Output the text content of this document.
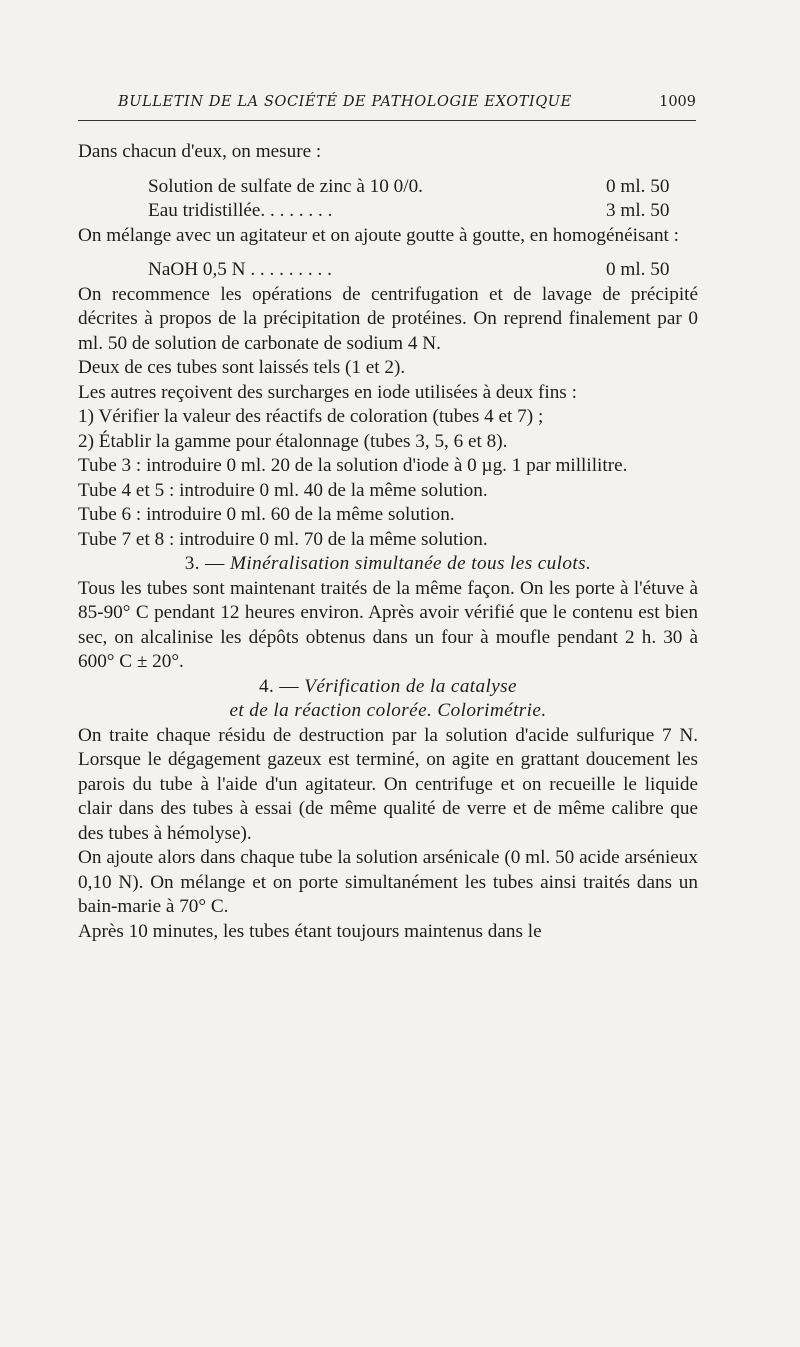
BULLETIN DE LA SOCIÉTÉ DE PATHOLOGIE EXOTIQUE	1009

Dans chacun d'eux, on mesure :

Solution de sulfate de zinc à 10 0/0.	0 ml. 50
Eau tridistillée. . . . . . . .	3 ml. 50

On mélange avec un agitateur et on ajoute goutte à goutte, en homogénéisant :

NaOH 0,5 N . . . . . . . . .	0 ml. 50

On recommence les opérations de centrifugation et de lavage de précipité décrites à propos de la précipitation de protéines. On reprend finalement par 0 ml. 50 de solution de carbonate de sodium 4 N.

Deux de ces tubes sont laissés tels (1 et 2).

Les autres reçoivent des surcharges en iode utilisées à deux fins :

1) Vérifier la valeur des réactifs de coloration (tubes 4 et 7) ;

2) Établir la gamme pour étalonnage (tubes 3, 5, 6 et 8).

Tube 3 : introduire 0 ml. 20 de la solution d'iode à 0 µg. 1 par millilitre.

Tube 4 et 5 : introduire 0 ml. 40 de la même solution.

Tube 6 : introduire 0 ml. 60 de la même solution.

Tube 7 et 8 : introduire 0 ml. 70 de la même solution.

3. — Minéralisation simultanée de tous les culots.

Tous les tubes sont maintenant traités de la même façon. On les porte à l'étuve à 85-90° C pendant 12 heures environ. Après avoir vérifié que le contenu est bien sec, on alcalinise les dépôts obtenus dans un four à moufle pendant 2 h. 30 à 600° C ± 20°.

4. — Vérification de la catalyse

et de la réaction colorée. Colorimétrie.

On traite chaque résidu de destruction par la solution d'acide sulfurique 7 N. Lorsque le dégagement gazeux est terminé, on agite en grattant doucement les parois du tube à l'aide d'un agitateur. On centrifuge et on recueille le liquide clair dans des tubes à essai (de même qualité de verre et de même calibre que des tubes à hémolyse).

On ajoute alors dans chaque tube la solution arsénicale (0 ml. 50 acide arsénieux 0,10 N). On mélange et on porte simultanément les tubes ainsi traités dans un bain-marie à 70° C.

Après 10 minutes, les tubes étant toujours maintenus dans le
